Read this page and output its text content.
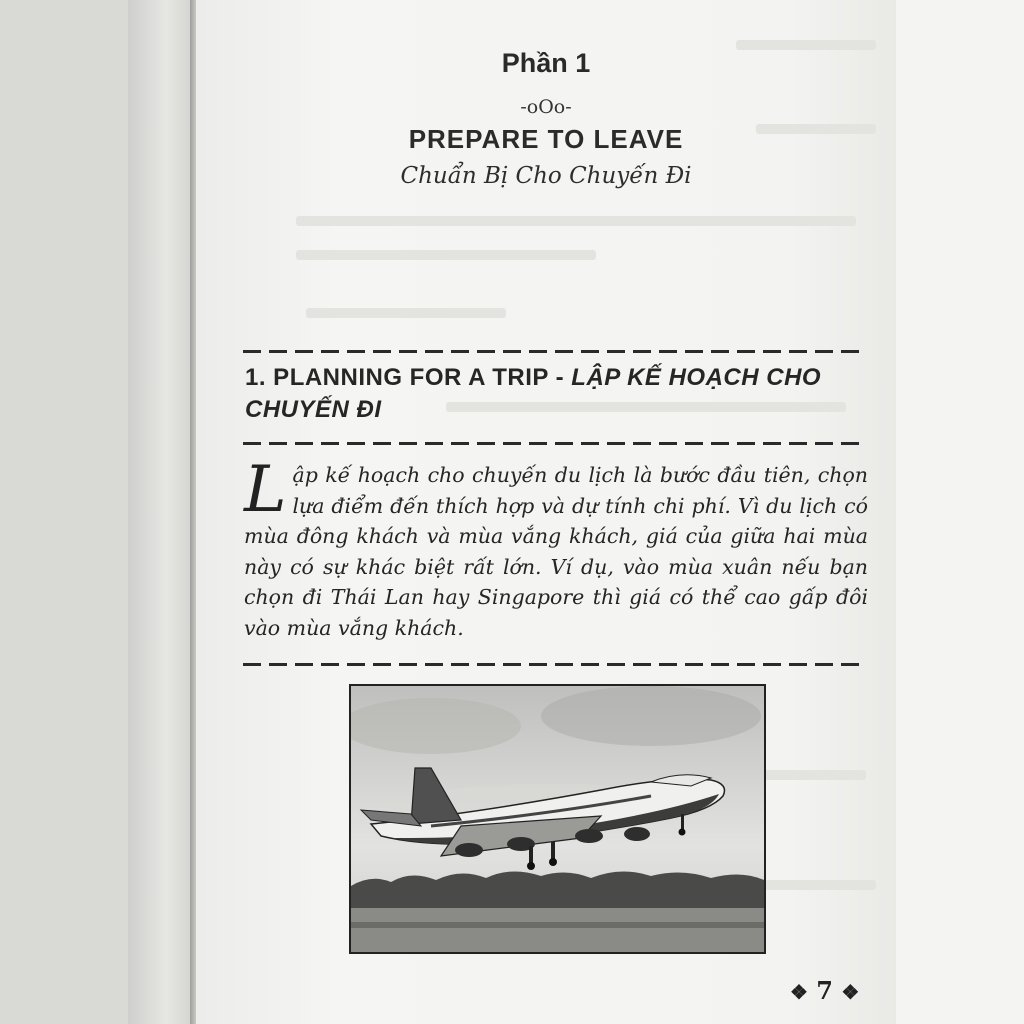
Phần 1
-oOo-
PREPARE TO LEAVE
Chuẩn Bị Cho Chuyến Đi
1. PLANNING FOR A TRIP - LẬP KẾ HOẠCH CHO CHUYẾN ĐI
Lập kế hoạch cho chuyến du lịch là bước đầu tiên, chọn lựa điểm đến thích hợp và dự tính chi phí. Vì du lịch có mùa đông khách và mùa vắng khách, giá của giữa hai mùa này có sự khác biệt rất lớn. Ví dụ, vào mùa xuân nếu bạn chọn đi Thái Lan hay Singapore thì giá có thể cao gấp đôi vào mùa vắng khách.
❖ 7 ❖
